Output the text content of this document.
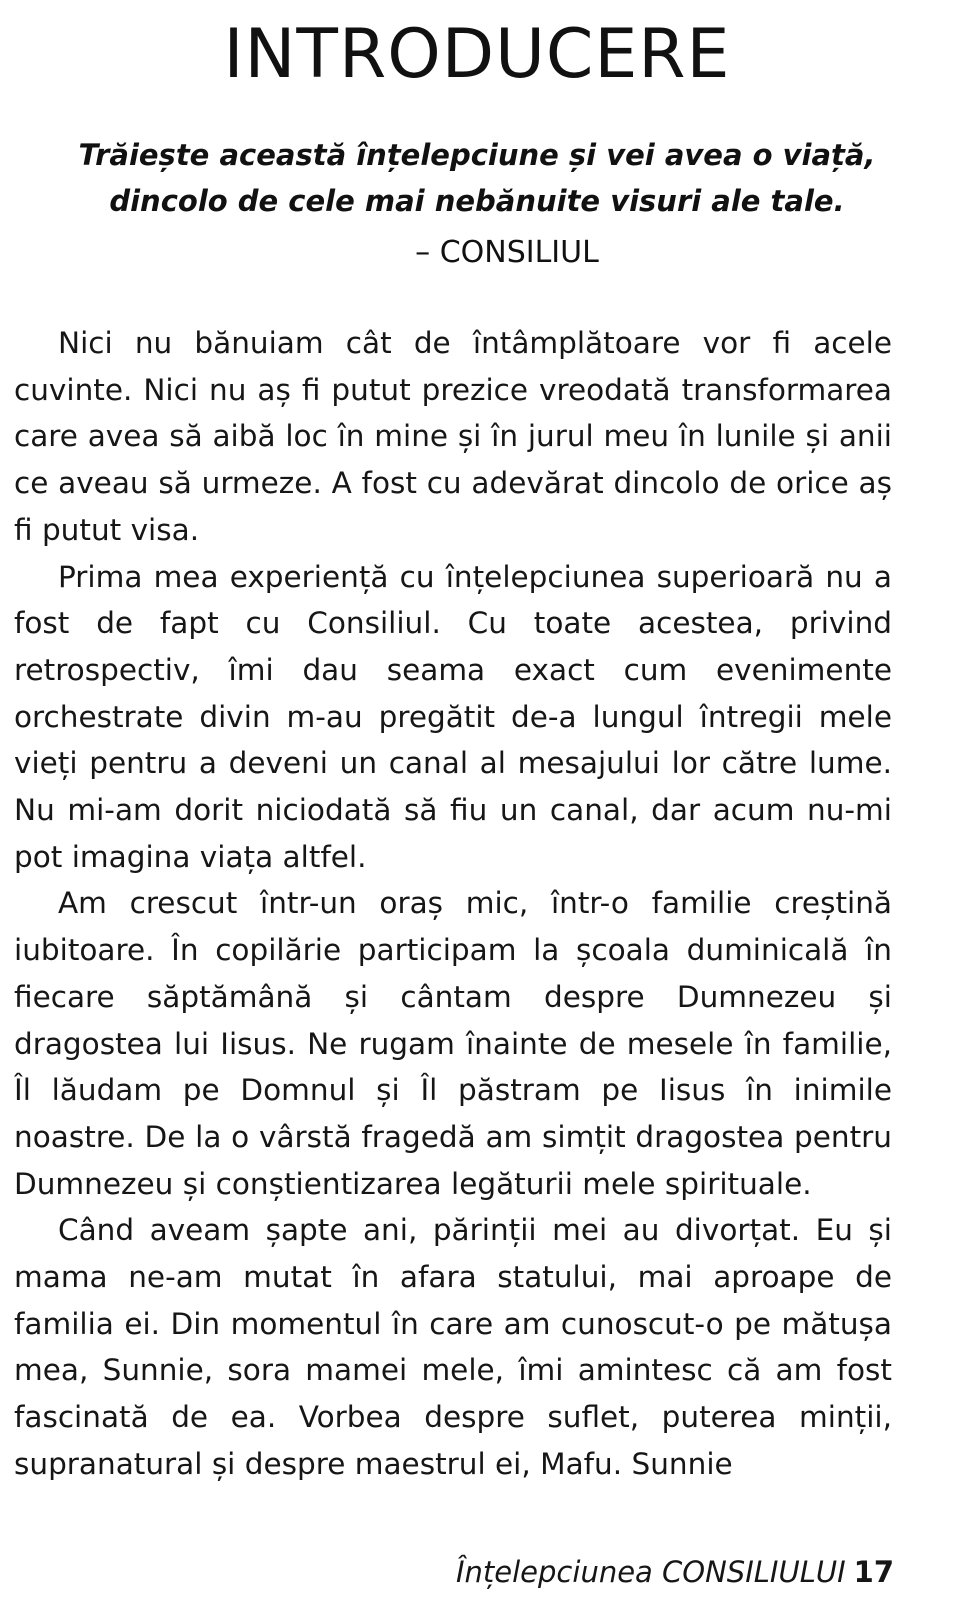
INTRODUCERE

Trăiește această înțelepciune și vei avea o viață,

dincolo de cele mai nebănuite visuri ale tale.

– CONSILIUL

Nici nu bănuiam cât de întâmplătoare vor fi acele cuvinte. Nici nu aș fi putut prezice vreodată transformarea care avea să aibă loc în mine și în jurul meu în lunile și anii ce aveau să urmeze. A fost cu adevărat dincolo de orice aș fi putut visa.

Prima mea experiență cu înțelepciunea superioară nu a fost de fapt cu Consiliul. Cu toate acestea, privind retrospectiv, îmi dau seama exact cum evenimente orchestrate divin m-au pregătit de-a lungul întregii mele vieți pentru a deveni un canal al mesajului lor către lume. Nu mi-am dorit niciodată să fiu un canal, dar acum nu-mi pot imagina viața altfel.

Am crescut într-un oraș mic, într-o familie creștină iubitoare. În copilărie participam la școala duminicală în fiecare săptămână și cântam despre Dumnezeu și dragostea lui Iisus. Ne rugam înainte de mesele în familie, Îl lăudam pe Domnul și Îl păstram pe Iisus în inimile noastre. De la o vârstă fragedă am simțit dragostea pentru Dumnezeu și conștientizarea legăturii mele spirituale.

Când aveam șapte ani, părinții mei au divorțat. Eu și mama ne-am mutat în afara statului, mai aproape de familia ei. Din momentul în care am cunoscut-o pe mătușa mea, Sunnie, sora mamei mele, îmi amintesc că am fost fascinată de ea. Vorbea despre suflet, puterea minții, supranatural și despre maestrul ei, Mafu. Sunnie

Înțelepciunea CONSILIULUI 17
